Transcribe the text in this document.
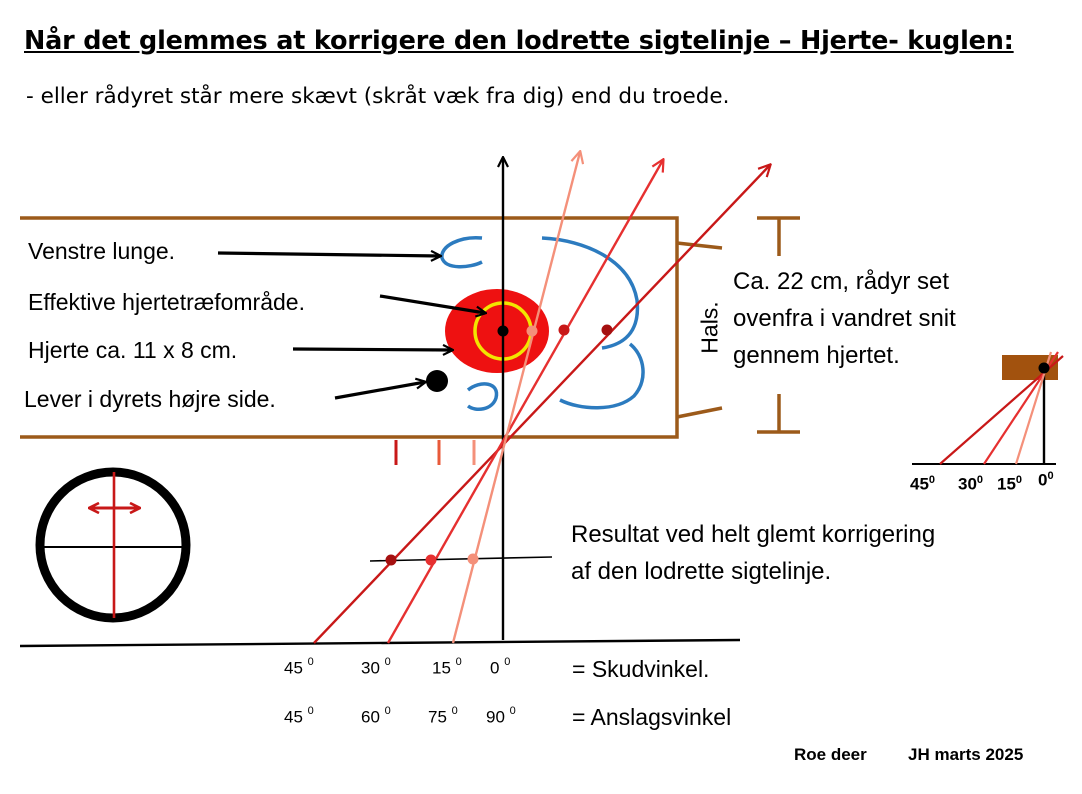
Når det glemmes at korrigere den lodrette sigtelinje – Hjerte- kuglen:
- eller rådyret står mere skævt (skråt væk fra dig) end du troede.
Venstre lunge.
Effektive hjertetræfområde.
Hjerte ca. 11 x 8 cm.
Lever i dyrets højre side.
Hals.
Ca. 22 cm, rådyr set
ovenfra i vandret snit
gennem hjertet.
Resultat ved helt glemt korrigering
af den lodrette sigtelinje.
45 $^0$	30 $^0$ 15 $^0$ 0 $^0$	= Skudvinkel.
45 $^0$	60 $^0$ 75 $^0$ 90 $^0$ = Anslagsvinkel
$45^0$ $30^0$ $15^0$ $0^0$
Roe deer JH marts 2025
